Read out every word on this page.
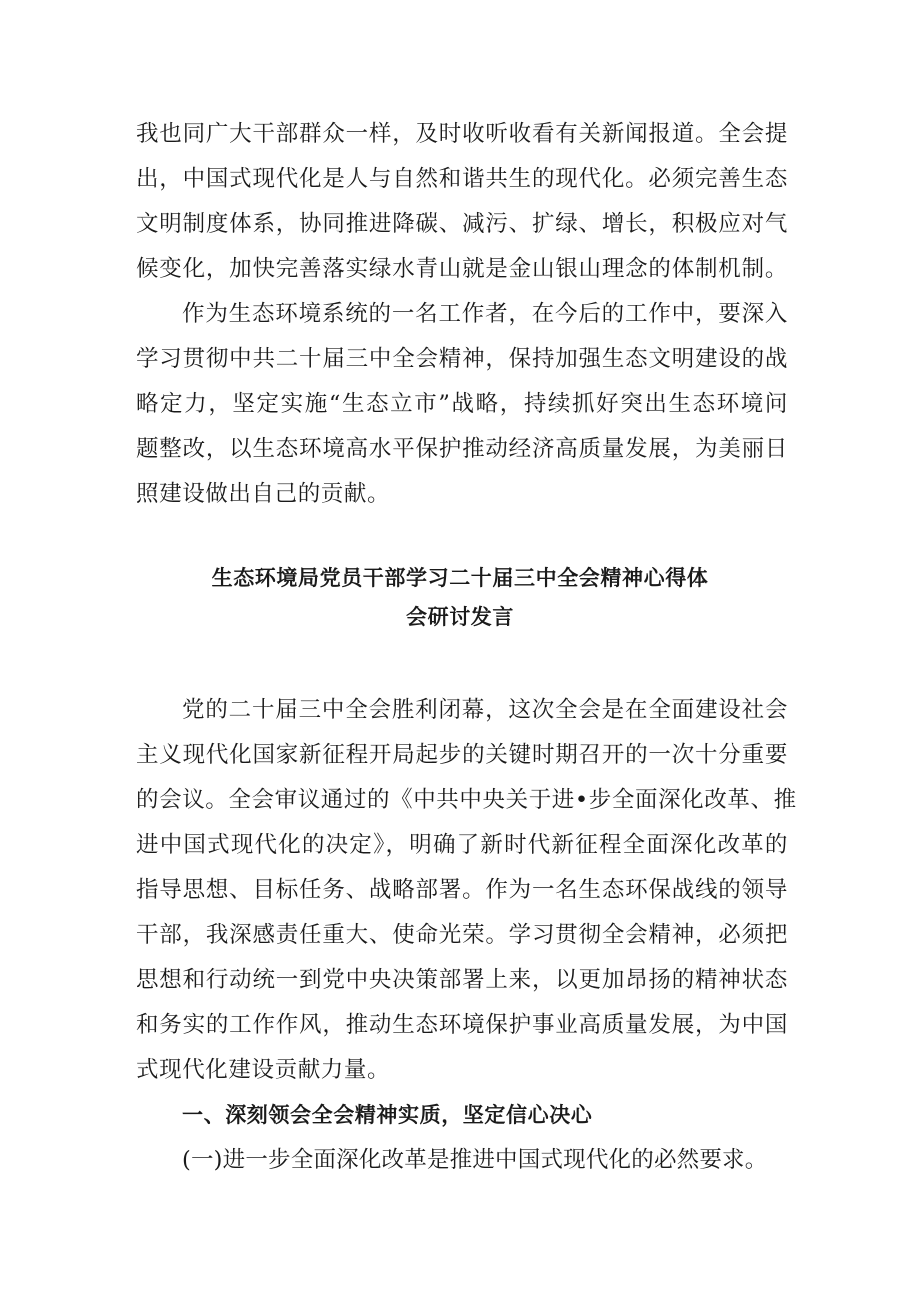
我也同广大干部群众一样，及时收听收看有关新闻报道。全会提
出，中国式现代化是人与自然和谐共生的现代化。必须完善生态
文明制度体系，协同推进降碳、减污、扩绿、增长，积极应对气
候变化，加快完善落实绿水青山就是金山银山理念的体制机制。
作为生态环境系统的一名工作者，在今后的工作中，要深入
学习贯彻中共二十届三中全会精神，保持加强生态文明建设的战
略定力，坚定实施“生态立市”战略，持续抓好突出生态环境问
题整改，以生态环境高水平保护推动经济高质量发展，为美丽日
照建设做出自己的贡献。
生态环境局党员干部学习二十届三中全会精神心得体
会研讨发言
党的二十届三中全会胜利闭幕，这次全会是在全面建设社会
主义现代化国家新征程开局起步的关键时期召开的一次十分重要
的会议。全会审议通过的《中共中央关于进•步全面深化改革、推
进中国式现代化的决定》，明确了新时代新征程全面深化改革的
指导思想、目标任务、战略部署。作为一名生态环保战线的领导
干部，我深感责任重大、使命光荣。学习贯彻全会精神，必须把
思想和行动统一到党中央决策部署上来，以更加昂扬的精神状态
和务实的工作作风，推动生态环境保护事业高质量发展，为中国
式现代化建设贡献力量。
一、深刻领会全会精神实质，坚定信心决心
(一)进一步全面深化改革是推进中国式现代化的必然要求。
